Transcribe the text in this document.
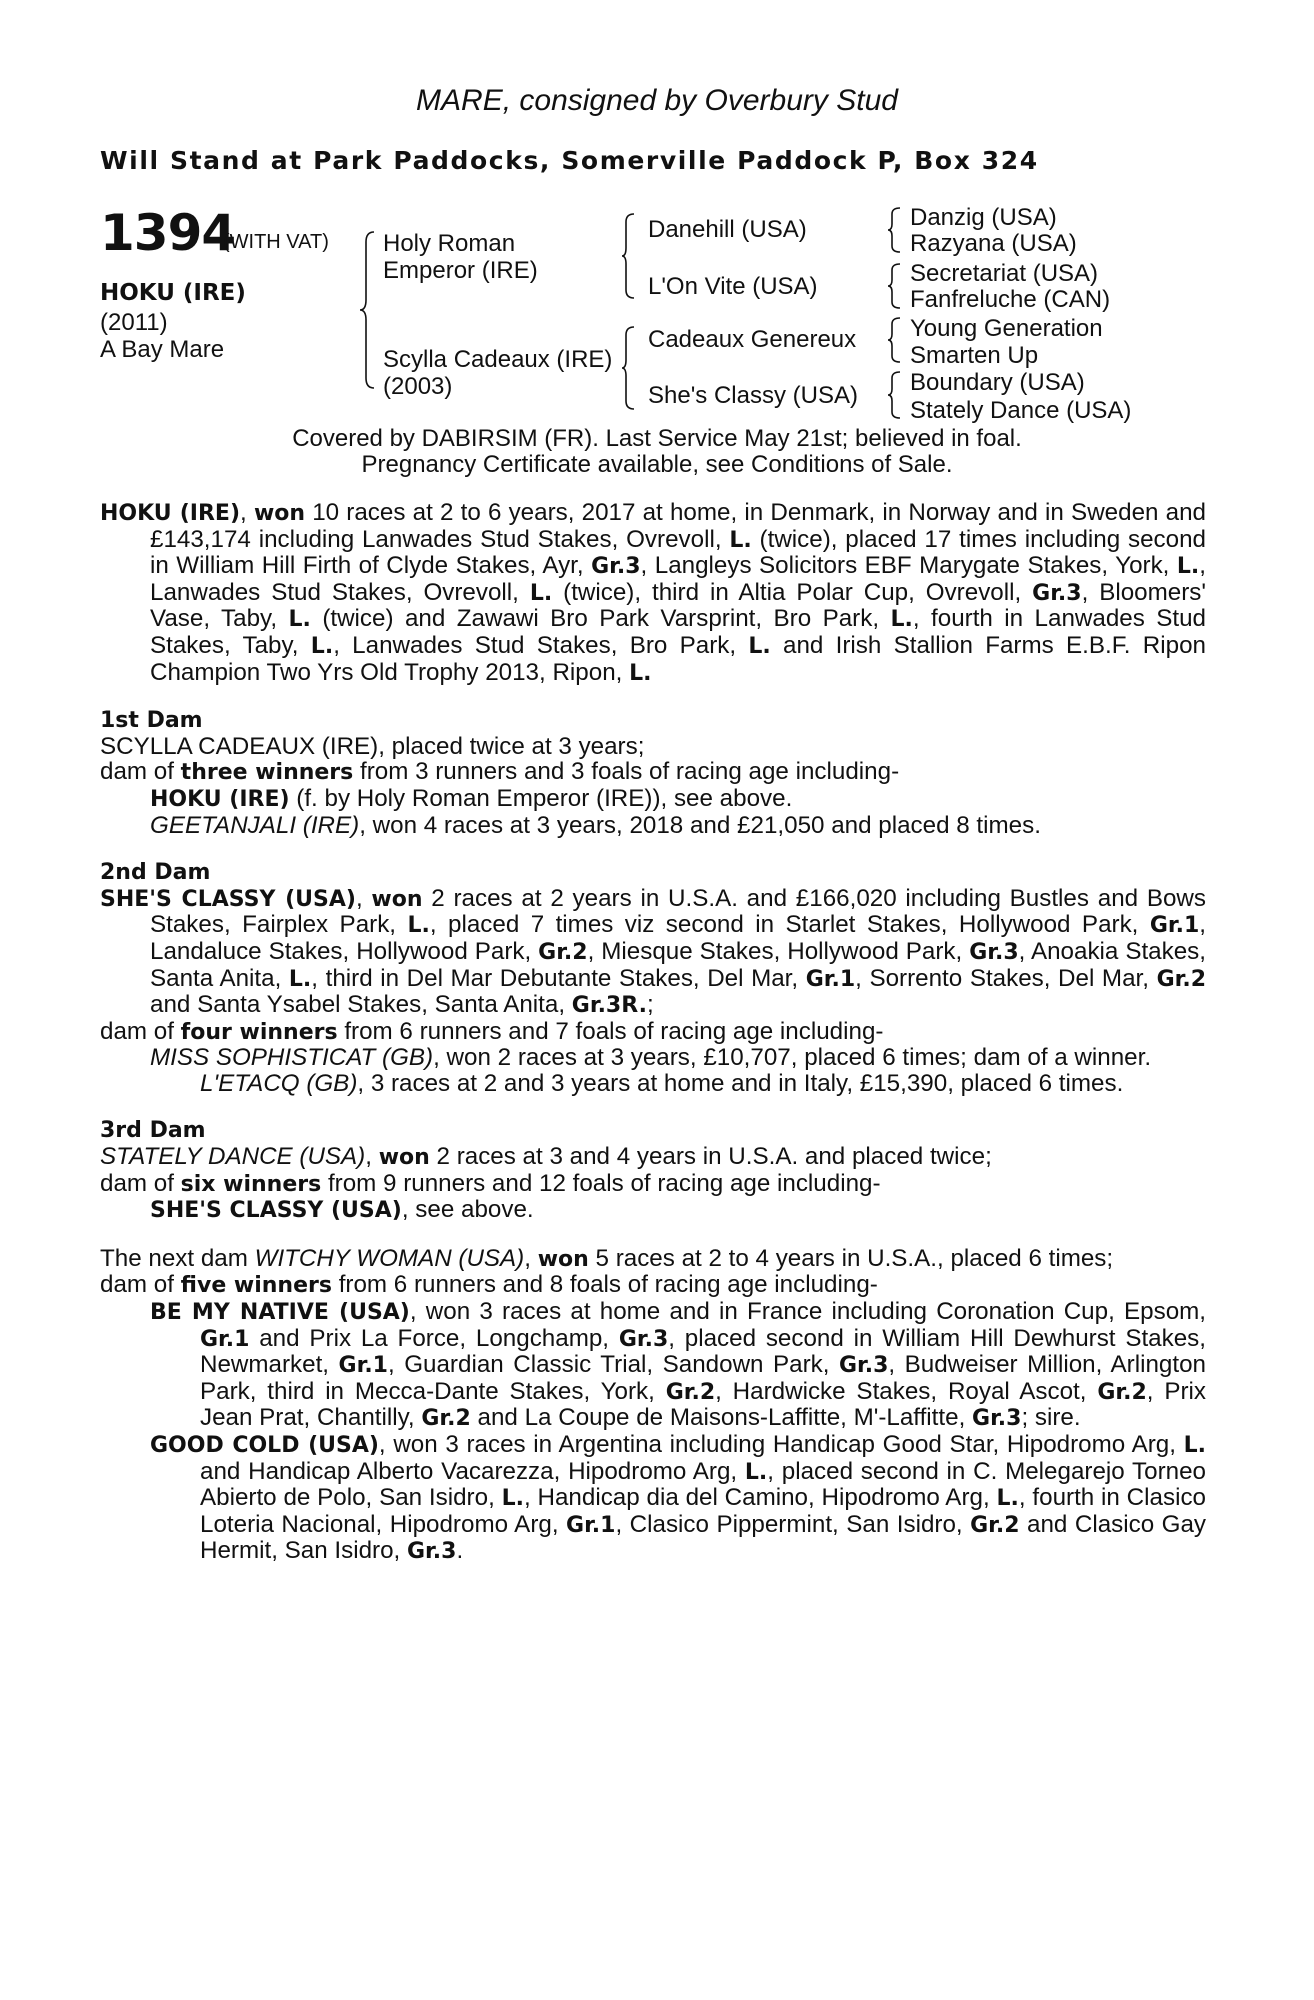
MARE, consigned by Overbury Stud
Will Stand at Park Paddocks, Somerville Paddock P, Box 324
1394
(WITH VAT)
HOKU (IRE)
(2011)
A Bay Mare
Holy Roman
Emperor (IRE)
Scylla Cadeaux (IRE)
(2003)
Danehill (USA)
L'On Vite (USA)
Cadeaux Genereux
She's Classy (USA)
Danzig (USA)
Razyana (USA)
Secretariat (USA)
Fanfreluche (CAN)
Young Generation
Smarten Up
Boundary (USA)
Stately Dance (USA)
Covered by DABIRSIM (FR). Last Service May 21st; believed in foal.
Pregnancy Certificate available, see Conditions of Sale.

HOKU (IRE), won 10 races at 2 to 6 years, 2017 at home, in Denmark, in Norway and in Sweden and £143,174 including Lanwades Stud Stakes, Ovrevoll, L. (twice), placed 17 times including second in William Hill Firth of Clyde Stakes, Ayr, Gr.3, Langleys Solicitors EBF Marygate Stakes, York, L., Lanwades Stud Stakes, Ovrevoll, L. (twice), third in Altia Polar Cup, Ovrevoll, Gr.3, Bloomers' Vase, Taby, L. (twice) and Zawawi Bro Park Varsprint, Bro Park, L., fourth in Lanwades Stud Stakes, Taby, L., Lanwades Stud Stakes, Bro Park, L. and Irish Stallion Farms E.B.F. Ripon Champion Two Yrs Old Trophy 2013, Ripon, L.

1st Dam

SCYLLA CADEAUX (IRE), placed twice at 3 years;

dam of three winners from 3 runners and 3 foals of racing age including-

HOKU (IRE) (f. by Holy Roman Emperor (IRE)), see above.

GEETANJALI (IRE), won 4 races at 3 years, 2018 and £21,050 and placed 8 times.

2nd Dam

SHE'S CLASSY (USA), won 2 races at 2 years in U.S.A. and £166,020 including Bustles and Bows Stakes, Fairplex Park, L., placed 7 times viz second in Starlet Stakes, Hollywood Park, Gr.1, Landaluce Stakes, Hollywood Park, Gr.2, Miesque Stakes, Hollywood Park, Gr.3, Anoakia Stakes, Santa Anita, L., third in Del Mar Debutante Stakes, Del Mar, Gr.1, Sorrento Stakes, Del Mar, Gr.2 and Santa Ysabel Stakes, Santa Anita, Gr.3R.;

dam of four winners from 6 runners and 7 foals of racing age including-

MISS SOPHISTICAT (GB), won 2 races at 3 years, £10,707, placed 6 times; dam of a winner.

L'ETACQ (GB), 3 races at 2 and 3 years at home and in Italy, £15,390, placed 6 times.

3rd Dam

STATELY DANCE (USA), won 2 races at 3 and 4 years in U.S.A. and placed twice;

dam of six winners from 9 runners and 12 foals of racing age including-

SHE'S CLASSY (USA), see above.

The next dam WITCHY WOMAN (USA), won 5 races at 2 to 4 years in U.S.A., placed 6 times;

dam of five winners from 6 runners and 8 foals of racing age including-

BE MY NATIVE (USA), won 3 races at home and in France including Coronation Cup, Epsom, Gr.1 and Prix La Force, Longchamp, Gr.3, placed second in William Hill Dewhurst Stakes, Newmarket, Gr.1, Guardian Classic Trial, Sandown Park, Gr.3, Budweiser Million, Arlington Park, third in Mecca-Dante Stakes, York, Gr.2, Hardwicke Stakes, Royal Ascot, Gr.2, Prix Jean Prat, Chantilly, Gr.2 and La Coupe de Maisons-Laffitte, M'-Laffitte, Gr.3; sire.

GOOD COLD (USA), won 3 races in Argentina including Handicap Good Star, Hipodromo Arg, L. and Handicap Alberto Vacarezza, Hipodromo Arg, L., placed second in C. Melegarejo Torneo Abierto de Polo, San Isidro, L., Handicap dia del Camino, Hipodromo Arg, L., fourth in Clasico Loteria Nacional, Hipodromo Arg, Gr.1, Clasico Pippermint, San Isidro, Gr.2 and Clasico Gay Hermit, San Isidro, Gr.3.
